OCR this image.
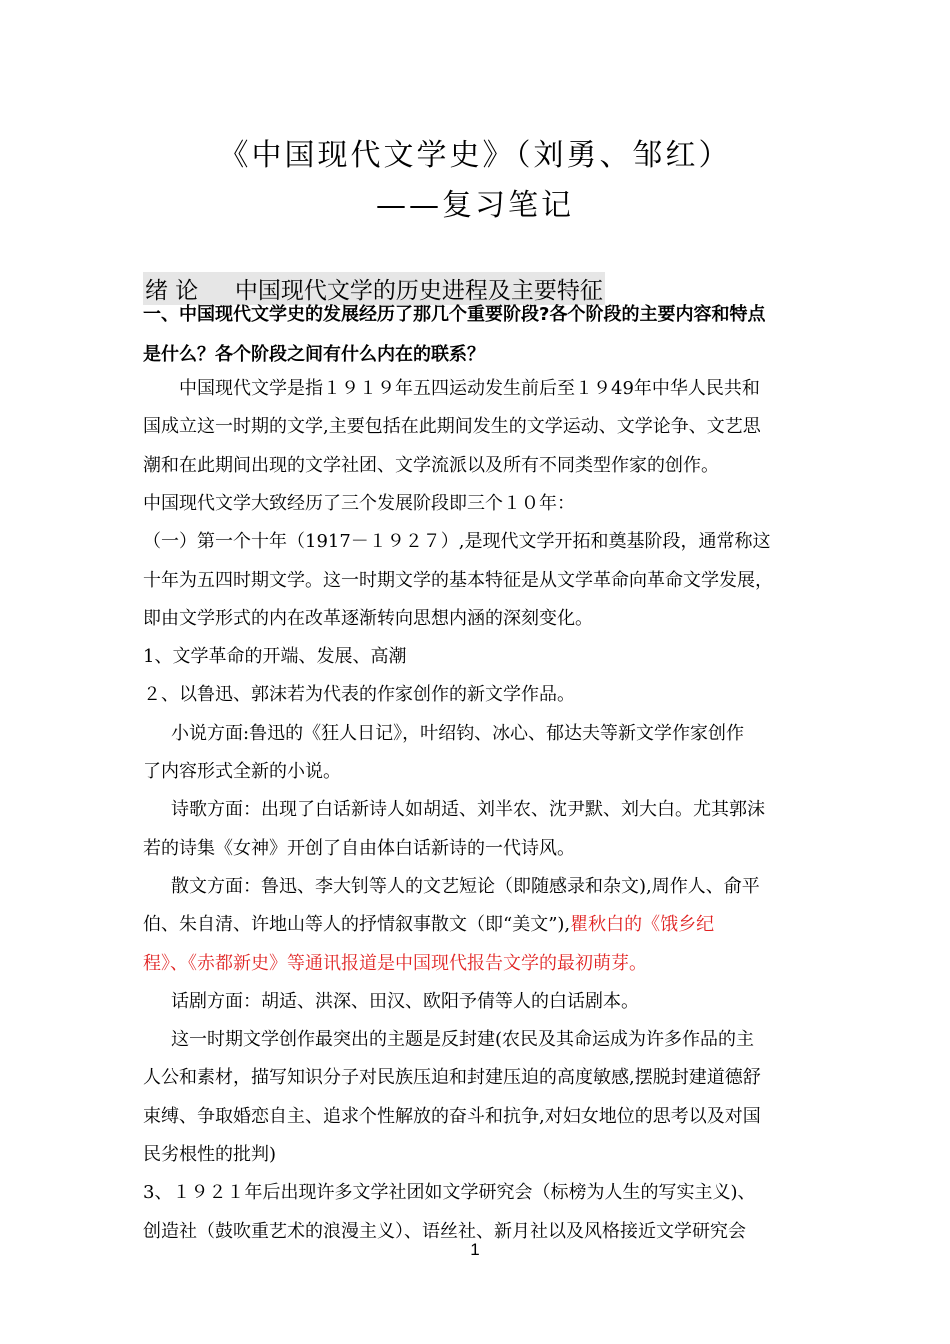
《中国现代文学史》（刘勇、邹红）
——复习笔记
绪 论     中国现代文学的历史进程及主要特征
一、中国现代文学史的发展经历了那几个重要阶段?各个阶段的主要内容和特点
是什么？各个阶段之间有什么内在的联系？
中国现代文学是指１９１９年五四运动发生前后至１９49年中华人民共和
国成立这一时期的文学,主要包括在此期间发生的文学运动、文学论争、文艺思
潮和在此期间出现的文学社团、文学流派以及所有不同类型作家的创作。
中国现代文学大致经历了三个发展阶段即三个１０年：
（一）第一个十年（1917－１９２７）,是现代文学开拓和奠基阶段，通常称这
十年为五四时期文学。这一时期文学的基本特征是从文学革命向革命文学发展，
即由文学形式的内在改革逐渐转向思想内涵的深刻变化。
1、文学革命的开端、发展、高潮
２、以鲁迅、郭沫若为代表的作家创作的新文学作品。
小说方面:鲁迅的《狂人日记》，叶绍钧、冰心、郁达夫等新文学作家创作
了内容形式全新的小说。
诗歌方面：出现了白话新诗人如胡适、刘半农、沈尹默、刘大白。尤其郭沫
若的诗集《女神》开创了自由体白话新诗的一代诗风。
散文方面：鲁迅、李大钊等人的文艺短论（即随感录和杂文),周作人、俞平
伯、朱自清、许地山等人的抒情叙事散文（即“美文”),瞿秋白的《饿乡纪
程》、《赤都新史》等通讯报道是中国现代报告文学的最初萌芽。
话剧方面：胡适、洪深、田汉、欧阳予倩等人的白话剧本。
这一时期文学创作最突出的主题是反封建(农民及其命运成为许多作品的主
人公和素材，描写知识分子对民族压迫和封建压迫的高度敏感,摆脱封建道德舒
束缚、争取婚恋自主、追求个性解放的奋斗和抗争,对妇女地位的思考以及对国
民劣根性的批判)
3、１９２１年后出现许多文学社团如文学研究会（标榜为人生的写实主义)、
创造社（鼓吹重艺术的浪漫主义）、语丝社、新月社以及风格接近文学研究会
1
